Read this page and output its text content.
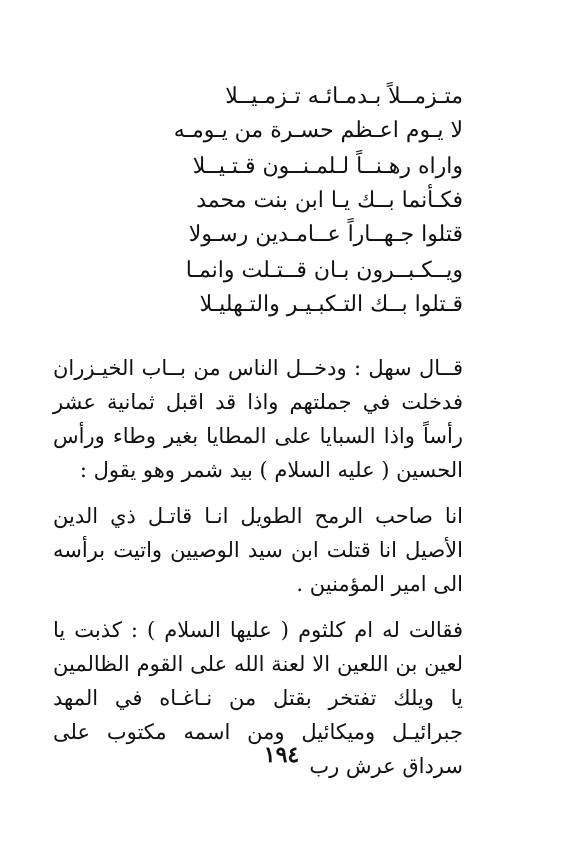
متـزمــلاً بـدمـائـه تـزمـيــلا
لا يـوم اعـظم حسـرة من يـومـه
واراه رهـنــاً لـلمـنــون قـتـيــلا
فكـأنما بــك يـا ابن بنت محمد
قتلوا جـهــاراً عــامـدين رسـولا
ويــكـبــرون بـان قــتـلت وانمـا
قـتلوا بــك التـكبـيـر والتـهليـلا

قــال سهل : ودخــل الناس من بــاب الخيـزران فدخلت في جملتهم واذا قد اقبل ثمانية عشر رأساً واذا السبايا على المطايا بغير وطاء ورأس الحسين ( عليه السلام ) بيد شمر وهو يقول :

انا صاحب الرمح الطويل انـا قاتـل ذي الدين الأصيل انا قتلت ابن سيد الوصيين واتيت برأسه الى امير المؤمنين .

فقالت له ام كلثوم ( عليها السلام ) : كذبت يا لعين بن اللعين الا لعنة الله على القوم الظالمين يا ويلك تفتخر بقتل من نـاغـاه في المهد جبرائيـل وميكائيل ومن اسمه مكتوب على سرداق عرش رب

١٩٤
